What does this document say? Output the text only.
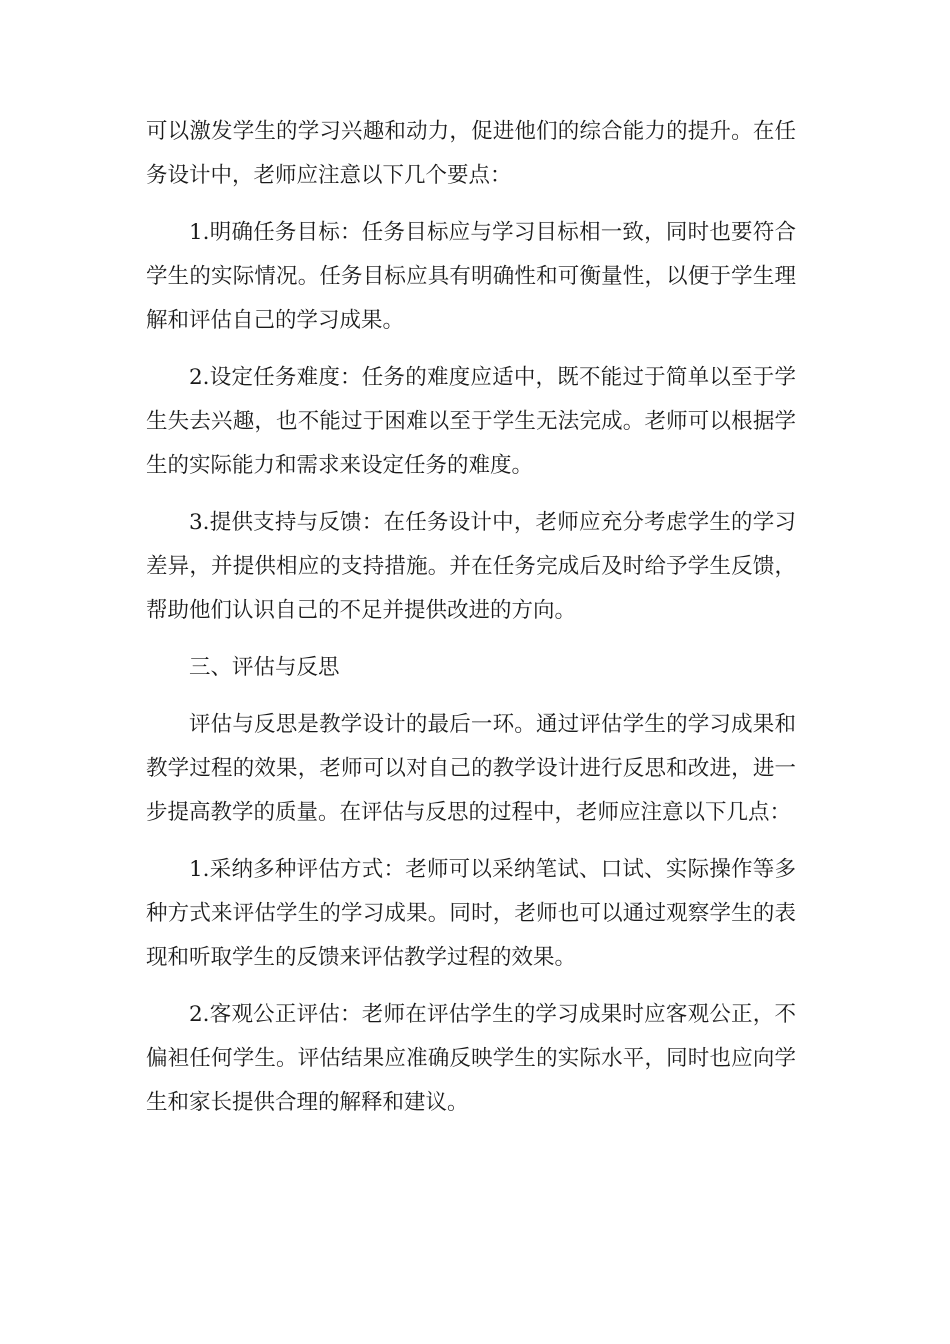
可以激发学生的学习兴趣和动力，促进他们的综合能力的提升。在任务设计中，老师应注意以下几个要点：

1.明确任务目标：任务目标应与学习目标相一致，同时也要符合学生的实际情况。任务目标应具有明确性和可衡量性，以便于学生理解和评估自己的学习成果。

2.设定任务难度：任务的难度应适中，既不能过于简单以至于学生失去兴趣，也不能过于困难以至于学生无法完成。老师可以根据学生的实际能力和需求来设定任务的难度。

3.提供支持与反馈：在任务设计中，老师应充分考虑学生的学习差异，并提供相应的支持措施。并在任务完成后及时给予学生反馈，帮助他们认识自己的不足并提供改进的方向。

三、评估与反思

评估与反思是教学设计的最后一环。通过评估学生的学习成果和教学过程的效果，老师可以对自己的教学设计进行反思和改进，进一步提高教学的质量。在评估与反思的过程中，老师应注意以下几点：

1.采纳多种评估方式：老师可以采纳笔试、口试、实际操作等多种方式来评估学生的学习成果。同时，老师也可以通过观察学生的表现和听取学生的反馈来评估教学过程的效果。

2.客观公正评估：老师在评估学生的学习成果时应客观公正，不偏袒任何学生。评估结果应准确反映学生的实际水平，同时也应向学生和家长提供合理的解释和建议。
